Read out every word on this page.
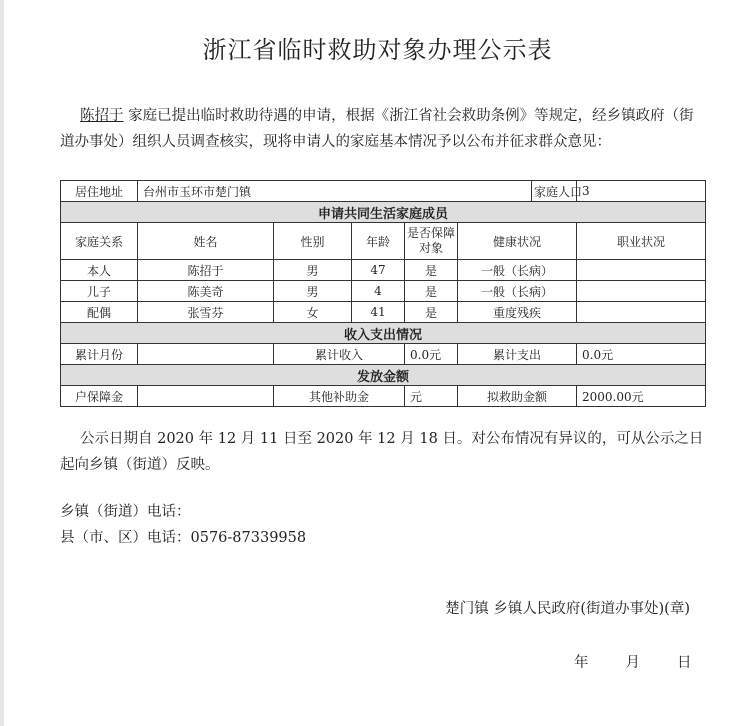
浙江省临时救助对象办理公示表
陈招于 家庭已提出临时救助待遇的申请，根据《浙江省社会救助条例》等规定，经乡镇政府（街道办事处）组织人员调查核实，现将申请人的家庭基本情况予以公布并征求群众意见：
居住地址	台州市玉环市楚门镇					家庭人口	3
申请共同生活家庭成员							
家庭关系	姓名	性别	年龄	是否保障对象	健康状况		职业状况
本人	陈招于	男	47	是	一般（长病）		
儿子	陈美奇	男	4	是	一般（长病）		
配偶	张雪芬	女	41	是	重度残疾		
收入支出情况							
累计月份		累计收入		0.0元	累计支出		0.0元
发放金额							
户保障金		其他补助金		元	拟救助金额		2000.00元
公示日期自 2020 年 12 月 11 日至 2020 年 12 月 18 日。对公布情况有异议的，可从公示之日起向乡镇（街道）反映。
乡镇（街道）电话：
县（市、区）电话：0576-87339958
楚门镇 乡镇人民政府(街道办事处)(章)
年	月	日
